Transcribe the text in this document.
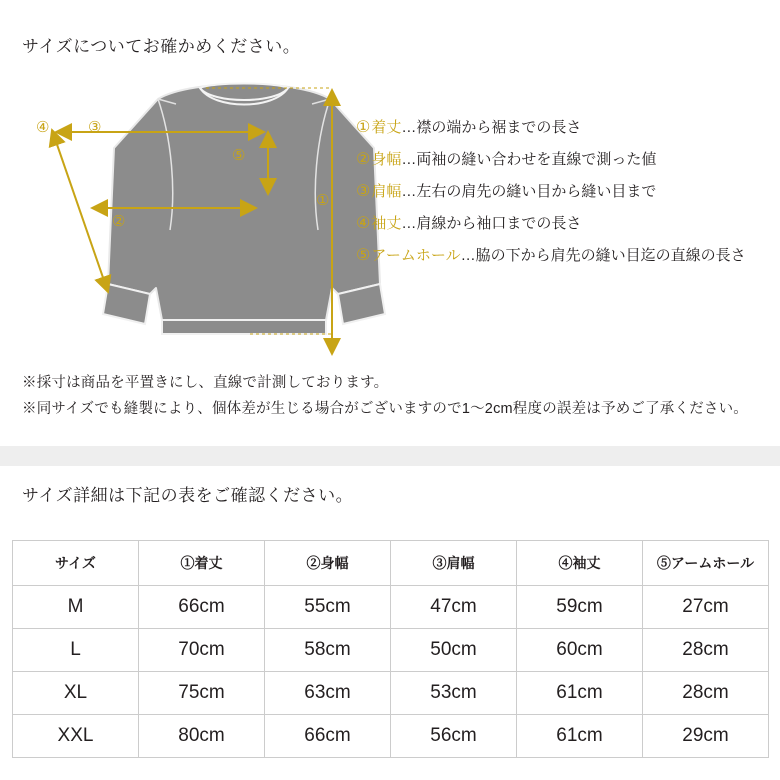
サイズについてお確かめください。
①
②
③
④
⑤
①着丈…襟の端から裾までの長さ
②身幅…両袖の縫い合わせを直線で測った値
③肩幅…左右の肩先の縫い目から縫い目まで
④袖丈…肩線から袖口までの長さ
⑤アームホール…脇の下から肩先の縫い目迄の直線の長さ
※採寸は商品を平置きにし、直線で計測しております。
※同サイズでも縫製により、個体差が生じる場合がございますので1〜2cm程度の誤差は予めご了承ください。
サイズ詳細は下記の表をご確認ください。
サイズ	①着丈	②身幅	③肩幅	④袖丈	⑤アームホール
M	66cm	55cm	47cm	59cm	27cm
L	70cm	58cm	50cm	60cm	28cm
XL	75cm	63cm	53cm	61cm	28cm
XXL	80cm	66cm	56cm	61cm	29cm
